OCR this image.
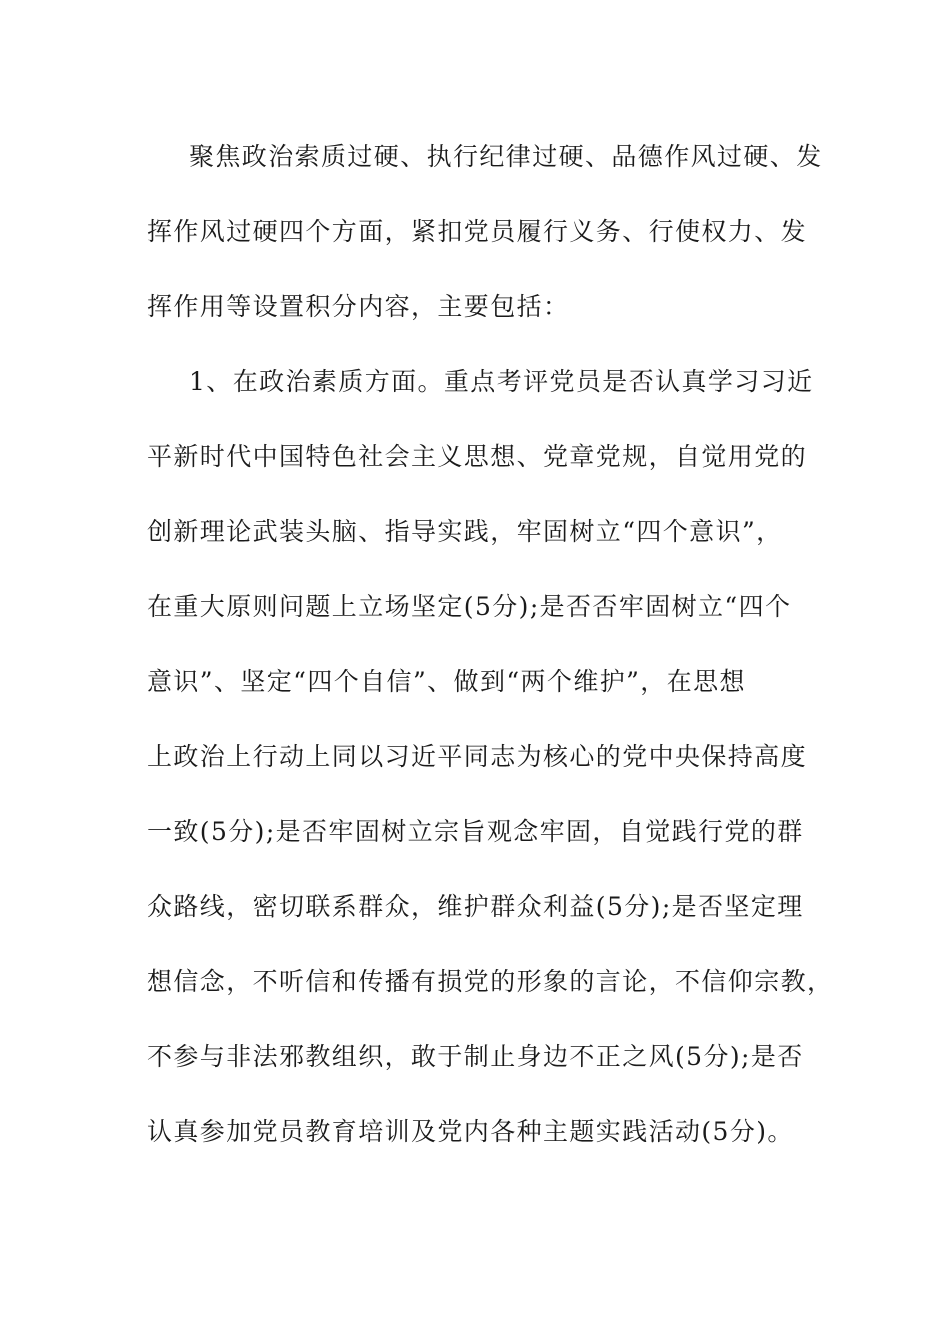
聚焦政治索质过硬、执行纪律过硬、品德作风过硬、发
挥作风过硬四个方面，紧扣党员履行义务、行使权力、发
挥作用等设置积分内容，主要包括：
1、在政治素质方面。重点考评党员是否认真学习习近
平新时代中国特色社会主义思想、党章党规，自觉用党的
创新理论武装头脑、指导实践，牢固树立“四个意识”，
在重大原则问题上立场坚定(5分);是否否牢固树立“四个
意识”、坚定“四个自信”、做到“两个维护”，在思想
上政治上行动上同以习近平同志为核心的党中央保持高度
一致(5分);是否牢固树立宗旨观念牢固，自觉践行党的群
众路线，密切联系群众，维护群众利益(5分);是否坚定理
想信念，不听信和传播有损党的形象的言论，不信仰宗教，
不参与非法邪教组织，敢于制止身边不正之风(5分);是否
认真参加党员教育培训及党内各种主题实践活动(5分)。
